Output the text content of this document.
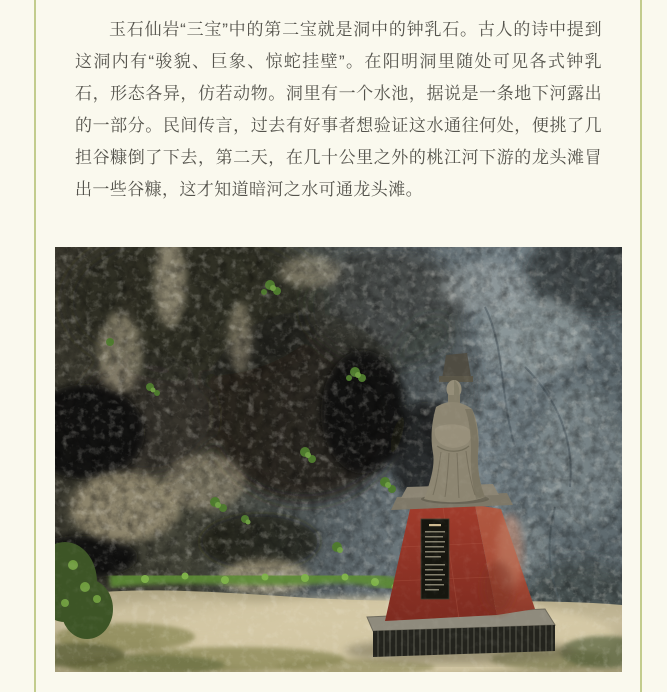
玉石仙岩“三宝”中的第二宝就是洞中的钟乳石。古人的诗中提到这洞内有“骏貌、巨象、惊蛇挂壁”。在阳明洞里随处可见各式钟乳石，形态各异，仿若动物。洞里有一个水池，据说是一条地下河露出的一部分。民间传言，过去有好事者想验证这水通往何处，便挑了几担谷糠倒了下去，第二天，在几十公里之外的桃江河下游的龙头滩冒出一些谷糠，这才知道暗河之水可通龙头滩。
